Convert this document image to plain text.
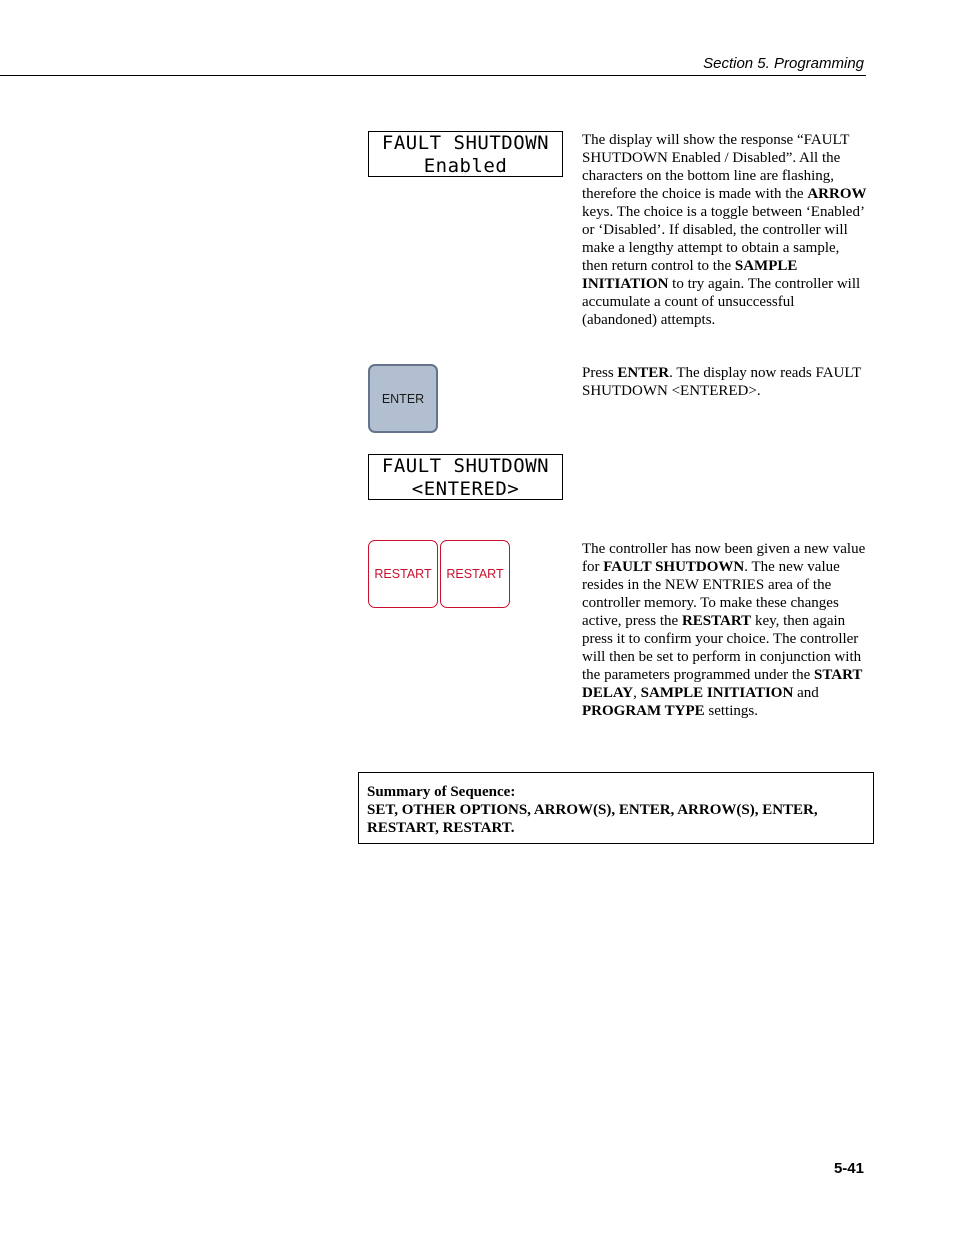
Section 5. Programming
FAULT SHUTDOWN
Enabled
The display will show the response “FAULT SHUTDOWN Enabled / Disabled”. All the characters on the bottom line are flashing, therefore the choice is made with the ARROW keys. The choice is a toggle between ‘Enabled’ or ‘Disabled’. If disabled, the controller will make a lengthy attempt to obtain a sample, then return control to the SAMPLE INITIATION to try again. The controller will accumulate a count of unsuccessful (abandoned) attempts.
ENTER
Press ENTER. The display now reads FAULT SHUTDOWN <ENTERED>.
FAULT SHUTDOWN
<ENTERED>
RESTART RESTART
The controller has now been given a new value for FAULT SHUTDOWN. The new value resides in the NEW ENTRIES area of the controller memory. To make these changes active, press the RESTART key, then again press it to confirm your choice. The controller will then be set to perform in conjunction with the parameters programmed under the START DELAY, SAMPLE INITIATION and PROGRAM TYPE settings.
Summary of Sequence:
SET, OTHER OPTIONS, ARROW(S), ENTER, ARROW(S), ENTER, RESTART, RESTART.
5-41
